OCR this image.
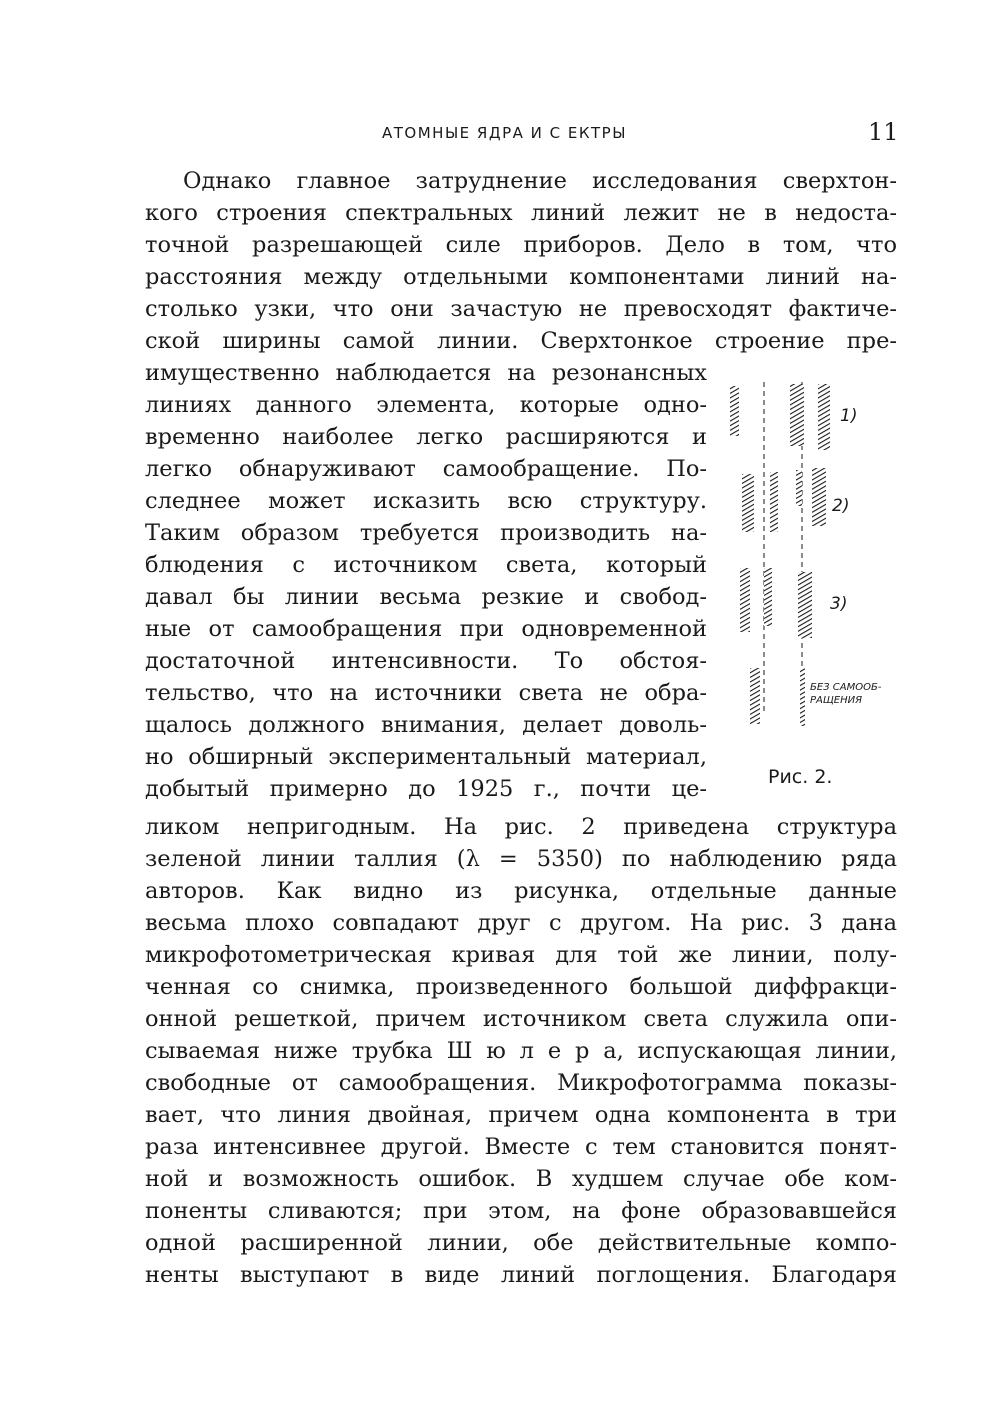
АТОМНЫЕ ЯДРА И С ЕКТРЫ	11
Однако главное затруднение исследования сверхтон-
кого строения спектральных линий лежит не в недоста-
точной разрешающей силе приборов. Дело в том, что
расстояния между отдельными компонентами линий на-
столько узки, что они зачастую не превосходят фактиче-
ской ширины самой линии. Сверхтонкое строение пре-
имущественно наблюдается на резонансных
линиях данного элемента, которые одно-
временно наиболее легко расширяются и
легко обнаруживают самообращение. По-
следнее может исказить всю структуру.
Таким образом требуется производить на-
блюдения с источником света, который
давал бы линии весьма резкие и свобод-
ные от самообращения при одновременной
достаточной интенсивности. То обстоя-
тельство, что на источники света не обра-
щалось должного внимания, делает доволь-
но обширный экспериментальный материал,
добытый примерно до 1925 г., почти це-
ликом непригодным. На рис. 2 приведена структура
зеленой линии таллия (λ = 5350) по наблюдению ряда
авторов. Как видно из рисунка, отдельные данные
весьма плохо совпадают друг с другом. На рис. 3 дана
микрофотометрическая кривая для той же линии, полу-
ченная со снимка, произведенного большой диффракци-
онной решеткой, причем источником света служила опи-
сываемая ниже трубка Ш ю л е р а, испускающая линии,
свободные от самообращения. Микрофотограмма показы-
вает, что линия двойная, причем одна компонента в три
раза интенсивнее другой. Вместе с тем становится понят-
ной и возможность ошибок. В худшем случае обе ком-
поненты сливаются; при этом, на фоне образовавшейся
одной расширенной линии, обе действительные компо-
ненты выступают в виде линий поглощения. Благодаря
1)
2)
3)
БЕЗ САМООБ-РАЩЕНИЯ
Рис. 2.
